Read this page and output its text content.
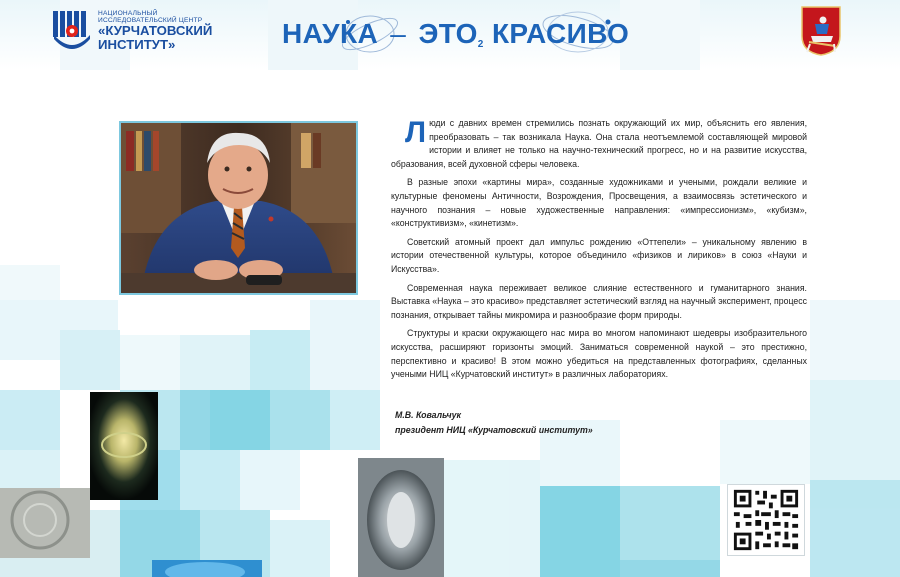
НАЦИОНАЛЬНЫЙ
ИССЛЕДОВАТЕЛЬСКИЙ ЦЕНТР
«КУРЧАТОВСКИЙ
ИНСТИТУТ»	НАУКА – ЭТО2 КРАСИВО

Люди с давних времен стремились познать окружающий их мир, объяснить его явления, преобразовать – так возникала Наука. Она стала неотъемлемой составляющей мировой истории и влияет не только на научно-технический прогресс, но и на развитие искусства, образования, всей духовной сферы человека.

В разные эпохи «картины мира», созданные художниками и учеными, рождали великие и культурные феномены Античности, Возрождения, Просвещения, а взаимосвязь эстетического и научного познания – новые художественные направления: «импрессионизм», «кубизм», «конструктивизм», «кинетизм».

Советский атомный проект дал импульс рождению «Оттепели» – уникальному явлению в истории отечественной культуры, которое объединило «физиков и лириков» в союз «Науки и Искусства».

Современная наука переживает великое слияние естественного и гуманитарного знания. Выставка «Наука – это красиво» представляет эстетический взгляд на научный эксперимент, процесс познания, открывает тайны микромира и разнообразие форм природы.

Структуры и краски окружающего нас мира во многом напоминают шедевры изобразительного искусства, расширяют горизонты эмоций. Заниматься современной наукой – это престижно, перспективно и красиво! В этом можно убедиться на представленных фотографиях, сделанных учеными НИЦ «Курчатовский институт» в различных лабораториях.

М.В. Ковальчук
президент НИЦ «Курчатовский институт»
